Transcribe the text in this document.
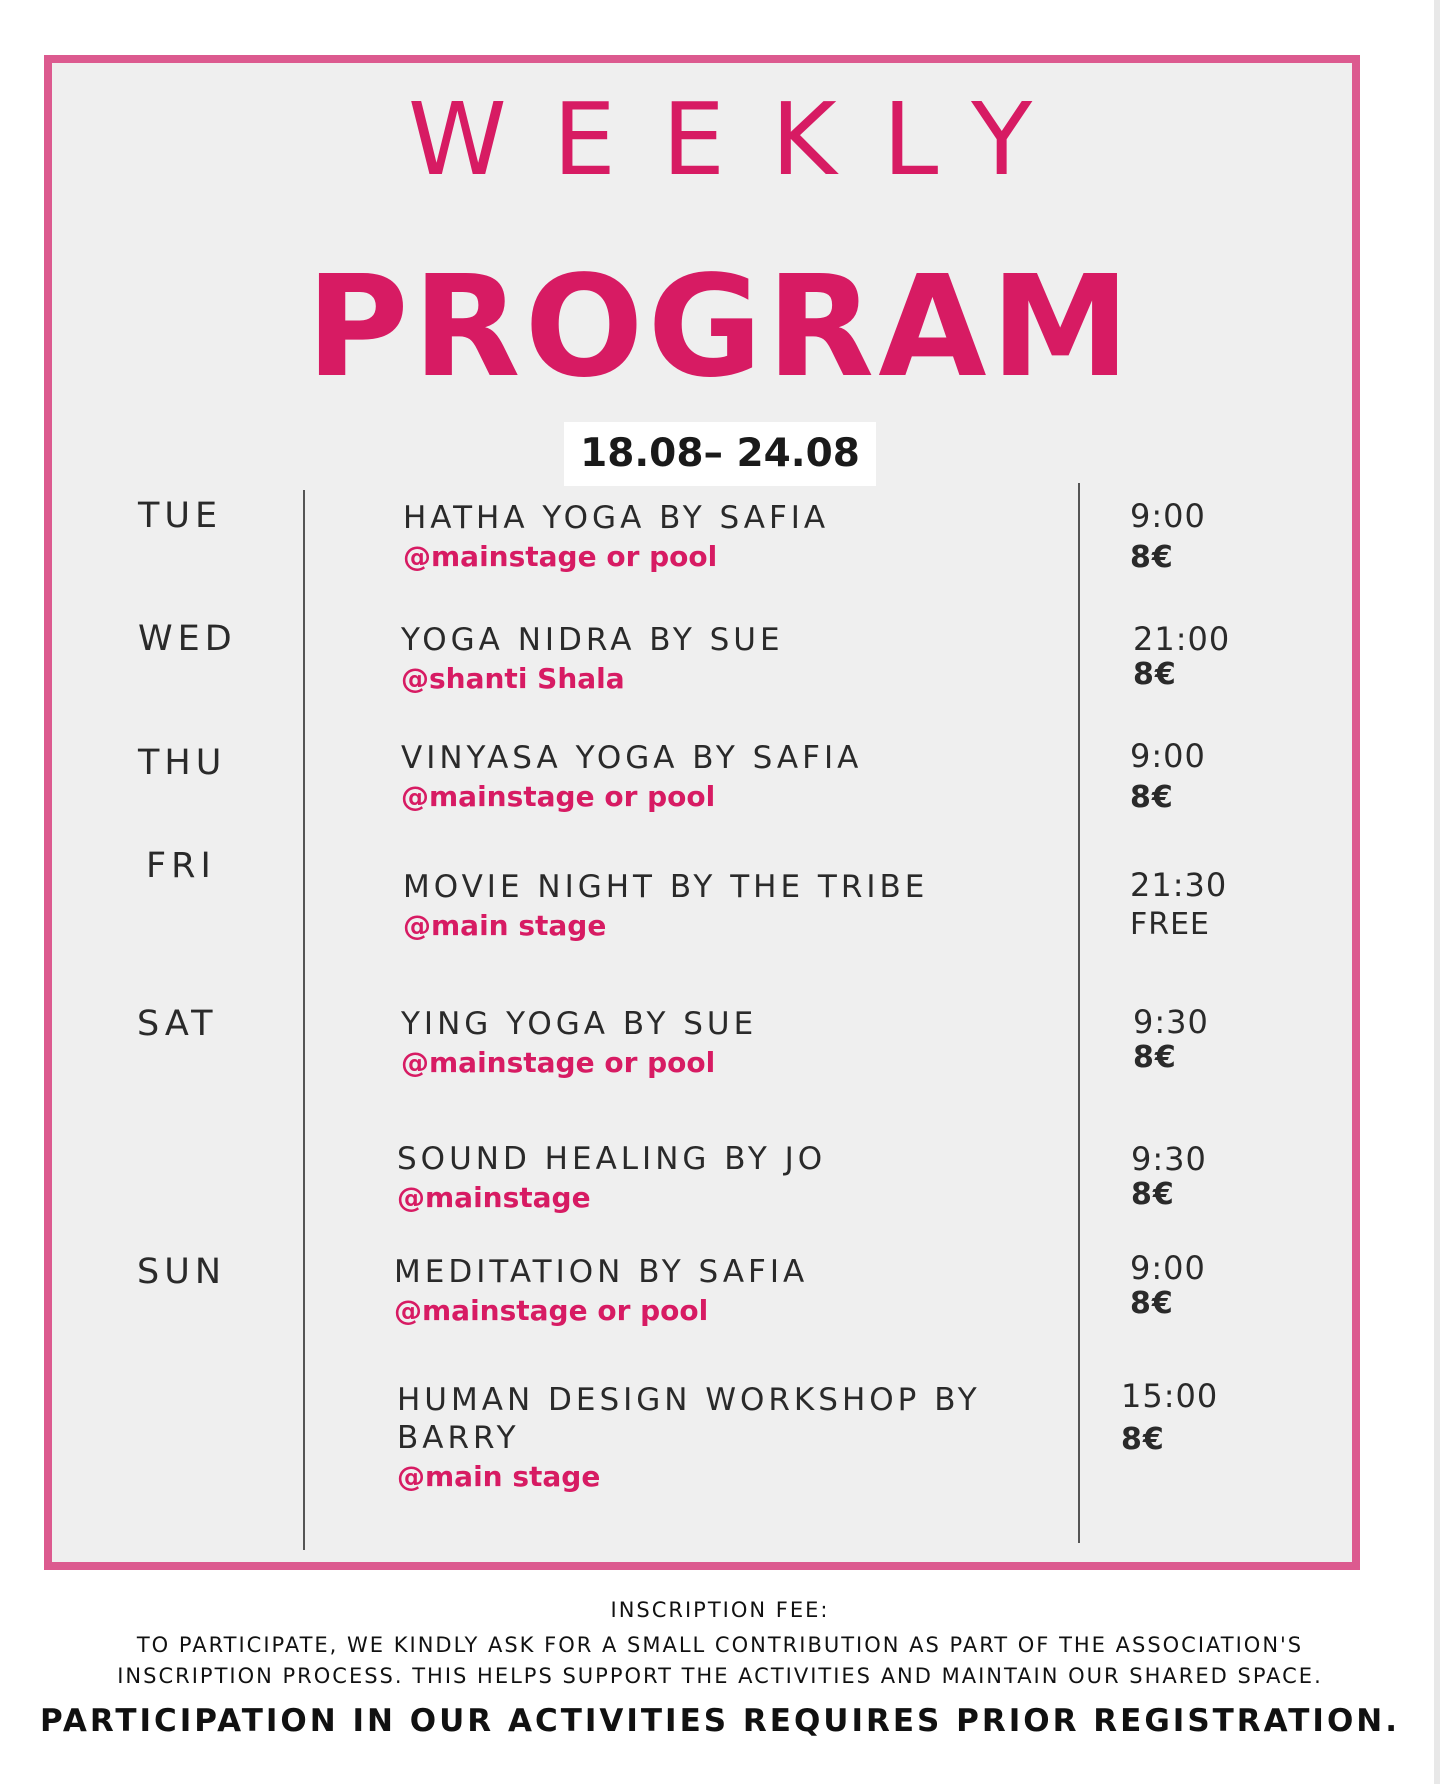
WEEKLY
PROGRAM
18.08– 24.08
TUE
WED
THU
FRI
SAT
SUN
HATHA YOGA BY SAFIA
@mainstage or pool
YOGA NIDRA BY SUE
@shanti Shala
VINYASA YOGA BY SAFIA
@mainstage or pool
MOVIE NIGHT BY THE TRIBE
@main stage
YING YOGA BY SUE
@mainstage or pool
SOUND HEALING BY JO
@mainstage
MEDITATION BY SAFIA
@mainstage or pool
HUMAN DESIGN WORKSHOP BY BARRY
@main stage
9:00
8€
21:00
8€
9:00
8€
21:30
FREE
9:30
8€
9:30
8€
9:00
8€
15:00
8€
INSCRIPTION FEE:
TO PARTICIPATE, WE KINDLY ASK FOR A SMALL CONTRIBUTION AS PART OF THE ASSOCIATION'S
INSCRIPTION PROCESS. THIS HELPS SUPPORT THE ACTIVITIES AND MAINTAIN OUR SHARED SPACE.
PARTICIPATION IN OUR ACTIVITIES REQUIRES PRIOR REGISTRATION.
